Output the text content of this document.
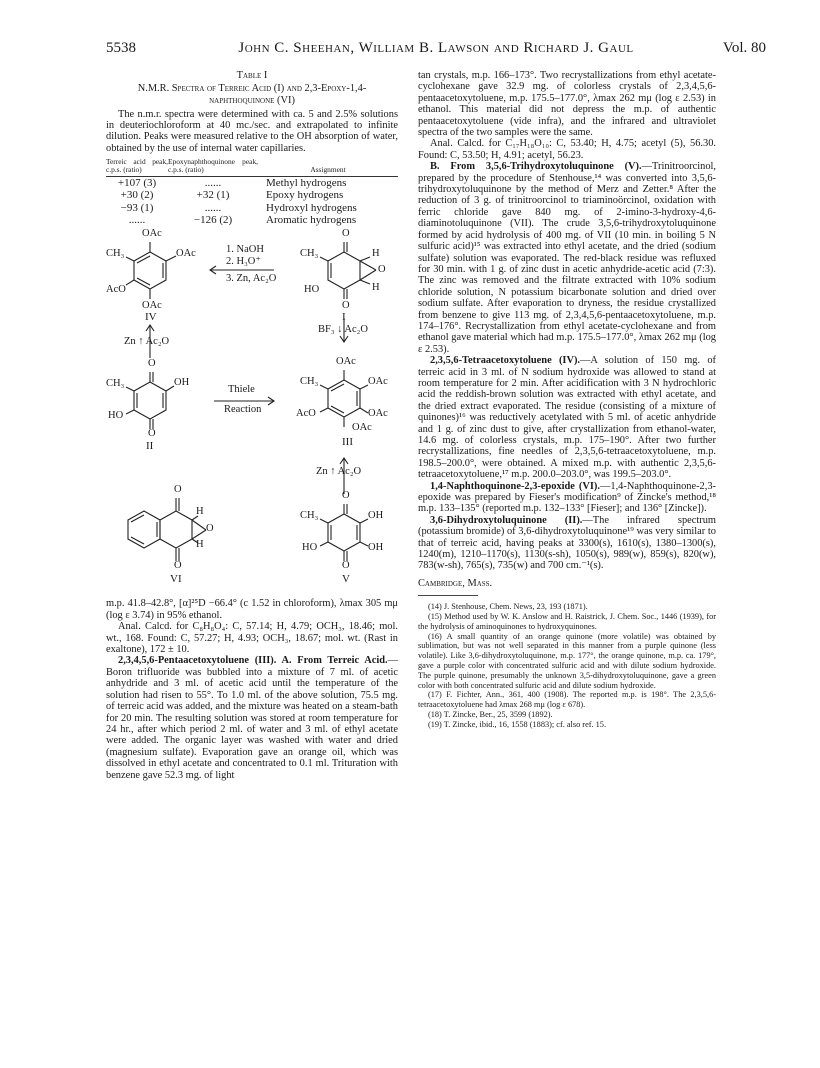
5538	John C. Sheehan, William B. Lawson and Richard J. Gaul	Vol. 80
Table I
N.M.R. Spectra of Terreic Acid (I) and 2,3-Epoxy-1,4-naphthoquinone (VI)

The n.m.r. spectra were determined with ca. 5 and 2.5% solutions in deuteriochloroform at 40 mc./sec. and extrapolated to infinite dilution. Peaks were measured relative to the OH absorption of water, obtained by the use of internal water capillaries.

Terreic acid peak, c.p.s. (ratio)	Epoxynaphthoquinone peak, c.p.s. (ratio)	Assignment
+107 (3)	......	Methyl hydrogens
+30 (2)	+32 (1)	Epoxy hydrogens
−93 (1)	......	Hydroxyl hydrogens
......	−126 (2)	Aromatic hydrogens
OAc
CH₃	OAc
AcO
OAc
IV
1. NaOH
2. H₃O⁺
3. Zn, Ac₂O
O
CH₃	H
O
HO	H
O
I
Zn ↑ Ac₂O
BF₃ ↓ Ac₂O
O
CH₃	OH
HO
O
II
Thiele
Reaction
OAc
CH₃	OAc
AcO	OAc
OAc
III
Zn ↑ Ac₂O
O
CH₃	OH
HO	OH
O
V
O
H
O
H
O
VI

m.p. 41.8–42.8°, [α]²⁵D −66.4° (c 1.52 in chloroform), λmax 305 mμ (log ε 3.74) in 95% ethanol.

Anal. Calcd. for C₈H₈O₄: C, 57.14; H, 4.79; OCH₃, 18.46; mol. wt., 168. Found: C, 57.27; H, 4.93; OCH₃, 18.67; mol. wt. (Rast in exaltone), 172 ± 10.

2,3,4,5,6-Pentaacetoxytoluene (III). A. From Terreic Acid.—Boron trifluoride was bubbled into a mixture of 7 ml. of acetic anhydride and 3 ml. of acetic acid until the temperature of the solution had risen to 55°. To 1.0 ml. of the above solution, 75.5 mg. of terreic acid was added, and the mixture was heated on a steam-bath for 20 min. The resulting solution was stored at room temperature for 24 hr., after which period 2 ml. of water and 3 ml. of ethyl acetate were added. The organic layer was washed with water and dried (magnesium sulfate). Evaporation gave an orange oil, which was dissolved in ethyl acetate and concentrated to 0.1 ml. Trituration with benzene gave 52.3 mg. of light

tan crystals, m.p. 166–173°. Two recrystallizations from ethyl acetate-cyclohexane gave 32.9 mg. of colorless crystals of 2,3,4,5,6-pentaacetoxytoluene, m.p. 175.5–177.0°, λmax 262 mμ (log ε 2.53) in ethanol. This material did not depress the m.p. of authentic pentaacetoxytoluene (vide infra), and the infrared and ultraviolet spectra of the two samples were the same.

Anal. Calcd. for C₁₇H₁₈O₁₀: C, 53.40; H, 4.75; acetyl (5), 56.30. Found: C, 53.50; H, 4.91; acetyl, 56.23.

B. From 3,5,6-Trihydroxytoluquinone (V).—Trinitroorcinol, prepared by the procedure of Stenhouse,¹⁴ was converted into 3,5,6-trihydroxytoluquinone by the method of Merz and Zetter.⁸ After the reduction of 3 g. of trinitroorcinol to triaminoörcinol, oxidation with ferric chloride gave 840 mg. of 2-imino-3-hydroxy-4,6-diaminotoluquinone (VII). The crude 3,5,6-trihydroxytoluquinone formed by acid hydrolysis of 400 mg. of VII (10 min. in boiling 5 N sulfuric acid)¹⁵ was extracted into ethyl acetate, and the dried (sodium sulfate) solution was evaporated. The red-black residue was refluxed for 30 min. with 1 g. of zinc dust in acetic anhydride-acetic acid (7:3). The zinc was removed and the filtrate extracted with 10% sodium chloride solution, N potassium bicarbonate solution and dried over sodium sulfate. After evaporation to dryness, the residue crystallized from benzene to give 113 mg. of 2,3,4,5,6-pentaacetoxytoluene, m.p. 174–176°. Recrystallization from ethyl acetate-cyclohexane and from ethanol gave material which had m.p. 175.5–177.0°, λmax 262 mμ (log ε 2.53).

2,3,5,6-Tetraacetoxytoluene (IV).—A solution of 150 mg. of terreic acid in 3 ml. of N sodium hydroxide was allowed to stand at room temperature for 2 min. After acidification with 3 N hydrochloric acid the reddish-brown solution was extracted with ethyl acetate, and the dried extract evaporated. The residue (consisting of a mixture of quinones)¹⁶ was reductively acetylated with 5 ml. of acetic anhydride and 1 g. of zinc dust to give, after crystallization from ethanol-water, 14.6 mg. of colorless crystals, m.p. 175–190°. After two further recrystallizations, fine needles of 2,3,5,6-tetraacetoxytoluene, m.p. 198.5–200.0°, were obtained. A mixed m.p. with authentic 2,3,5,6-tetraacetoxytoluene,¹⁷ m.p. 200.0–203.0°, was 199.5–203.0°.

1,4-Naphthoquinone-2,3-epoxide (VI).—1,4-Naphthoquinone-2,3-epoxide was prepared by Fieser's modification⁹ of Zincke's method,¹⁸ m.p. 133–135° (reported m.p. 132–133° [Fieser]; and 136° [Zincke]).

3,6-Dihydroxytoluquinone (II).—The infrared spectrum (potassium bromide) of 3,6-dihydroxytoluquinone¹⁹ was very similar to that of terreic acid, having peaks at 3300(s), 1610(s), 1380–1300(s), 1240(m), 1210–1170(s), 1130(s-sh), 1050(s), 989(w), 859(s), 820(w), 783(w-sh), 765(s), 735(w) and 700 cm.⁻¹(s).

Cambridge, Mass.

(14) J. Stenhouse, Chem. News, 23, 193 (1871).

(15) Method used by W. K. Anslow and H. Raistrick, J. Chem. Soc., 1446 (1939), for the hydrolysis of aminoquinones to hydroxyquinones.

(16) A small quantity of an orange quinone (more volatile) was obtained by sublimation, but was not well separated in this manner from a purple quinone (less volatile). Like 3,6-dihydroxytoluquinone, m.p. 177°, the orange quinone, m.p. ca. 179°, gave a purple color with concentrated sulfuric acid and with dilute sodium hydroxide. The purple quinone, presumably the unknown 3,5-dihydroxytoluquinone, gave a green color with both concentrated sulfuric acid and dilute sodium hydroxide.

(17) F. Fichter, Ann., 361, 400 (1908). The reported m.p. is 198°. The 2,3,5,6-tetraacetoxytoluene had λmax 268 mμ (log ε 678).

(18) T. Zincke, Ber., 25, 3599 (1892).

(19) T. Zincke, ibid., 16, 1558 (1883); cf. also ref. 15.
